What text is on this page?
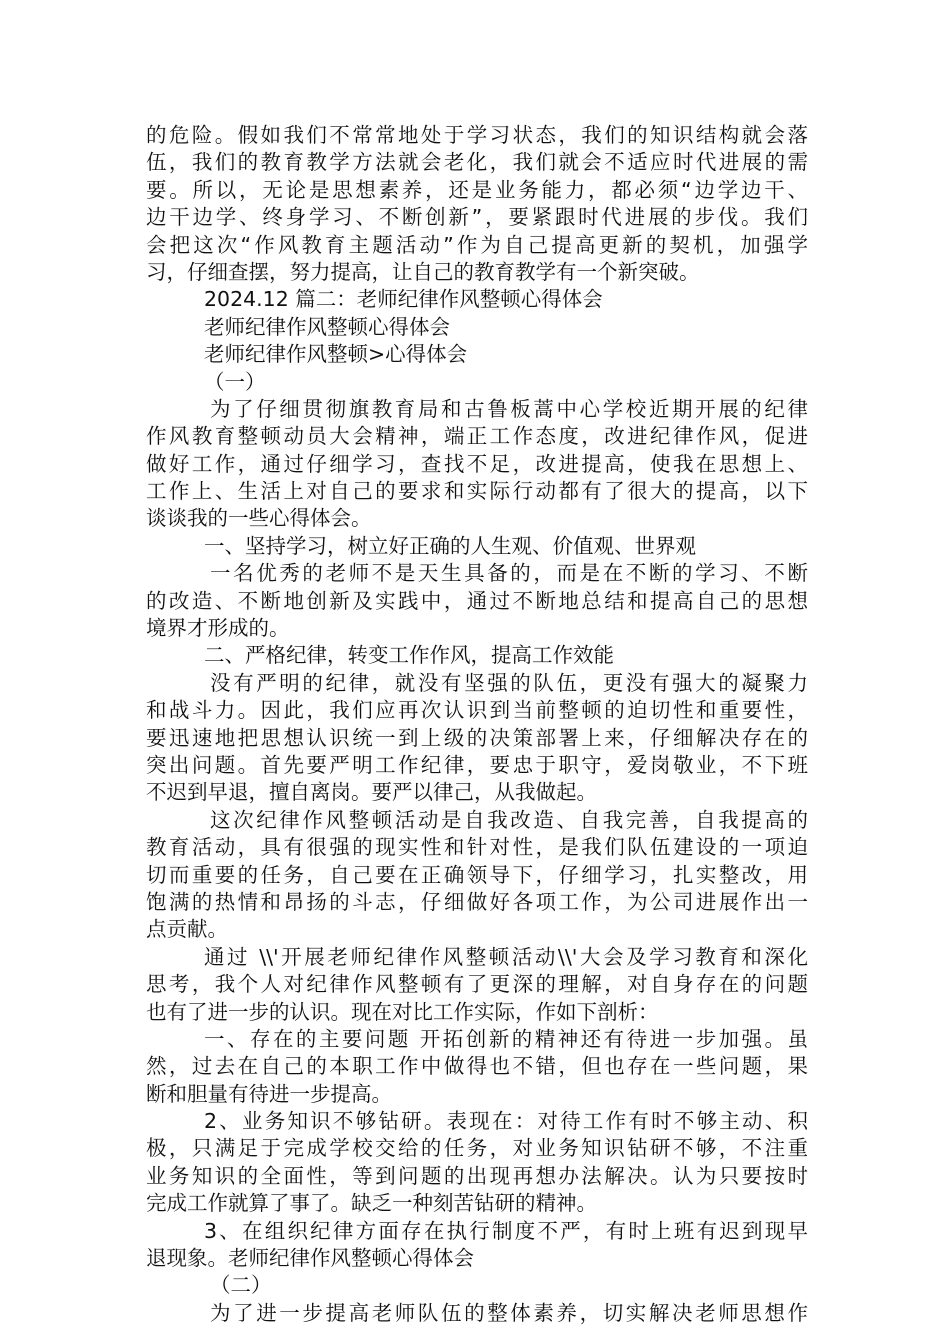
的危险。假如我们不常常地处于学习状态，我们的知识结构就会落
伍，我们的教育教学方法就会老化，我们就会不适应时代进展的需
要。所以，无论是思想素养，还是业务能力，都必须“边学边干、
边干边学、终身学习、不断创新”，要紧跟时代进展的步伐。我们
会把这次“作风教育主题活动”作为自己提高更新的契机，加强学
习，仔细查摆，努力提高，让自己的教育教学有一个新突破。
2024.12 篇二：老师纪律作风整顿心得体会
老师纪律作风整顿心得体会
老师纪律作风整顿>心得体会
（一）
为了仔细贯彻旗教育局和古鲁板蒿中心学校近期开展的纪律
作风教育整顿动员大会精神，端正工作态度，改进纪律作风，促进
做好工作，通过仔细学习，查找不足，改进提高，使我在思想上、
工作上、生活上对自己的要求和实际行动都有了很大的提高，以下
谈谈我的一些心得体会。
一、坚持学习，树立好正确的人生观、价值观、世界观
一名优秀的老师不是天生具备的，而是在不断的学习、不断
的改造、不断地创新及实践中，通过不断地总结和提高自己的思想
境界才形成的。
二、严格纪律，转变工作作风，提高工作效能
没有严明的纪律，就没有坚强的队伍，更没有强大的凝聚力
和战斗力。因此，我们应再次认识到当前整顿的迫切性和重要性，
要迅速地把思想认识统一到上级的决策部署上来，仔细解决存在的
突出问题。首先要严明工作纪律，要忠于职守，爱岗敬业，不下班
不迟到早退，擅自离岗。要严以律己，从我做起。
这次纪律作风整顿活动是自我改造、自我完善，自我提高的
教育活动，具有很强的现实性和针对性，是我们队伍建设的一项迫
切而重要的任务，自己要在正确领导下，仔细学习，扎实整改，用
饱满的热情和昂扬的斗志，仔细做好各项工作，为公司进展作出一
点贡献。
通过 \\'开展老师纪律作风整顿活动\\'大会及学习教育和深化
思考，我个人对纪律作风整顿有了更深的理解，对自身存在的问题
也有了进一步的认识。现在对比工作实际，作如下剖析：
一、存在的主要问题 开拓创新的精神还有待进一步加强。虽
然，过去在自己的本职工作中做得也不错，但也存在一些问题，果
断和胆量有待进一步提高。
2、业务知识不够钻研。表现在：对待工作有时不够主动、积
极，只满足于完成学校交给的任务，对业务知识钻研不够，不注重
业务知识的全面性，等到问题的出现再想办法解决。认为只要按时
完成工作就算了事了。缺乏一种刻苦钻研的精神。
3、在组织纪律方面存在执行制度不严，有时上班有迟到现早
退现象。老师纪律作风整顿心得体会
（二）
为了进一步提高老师队伍的整体素养，切实解决老师思想作
